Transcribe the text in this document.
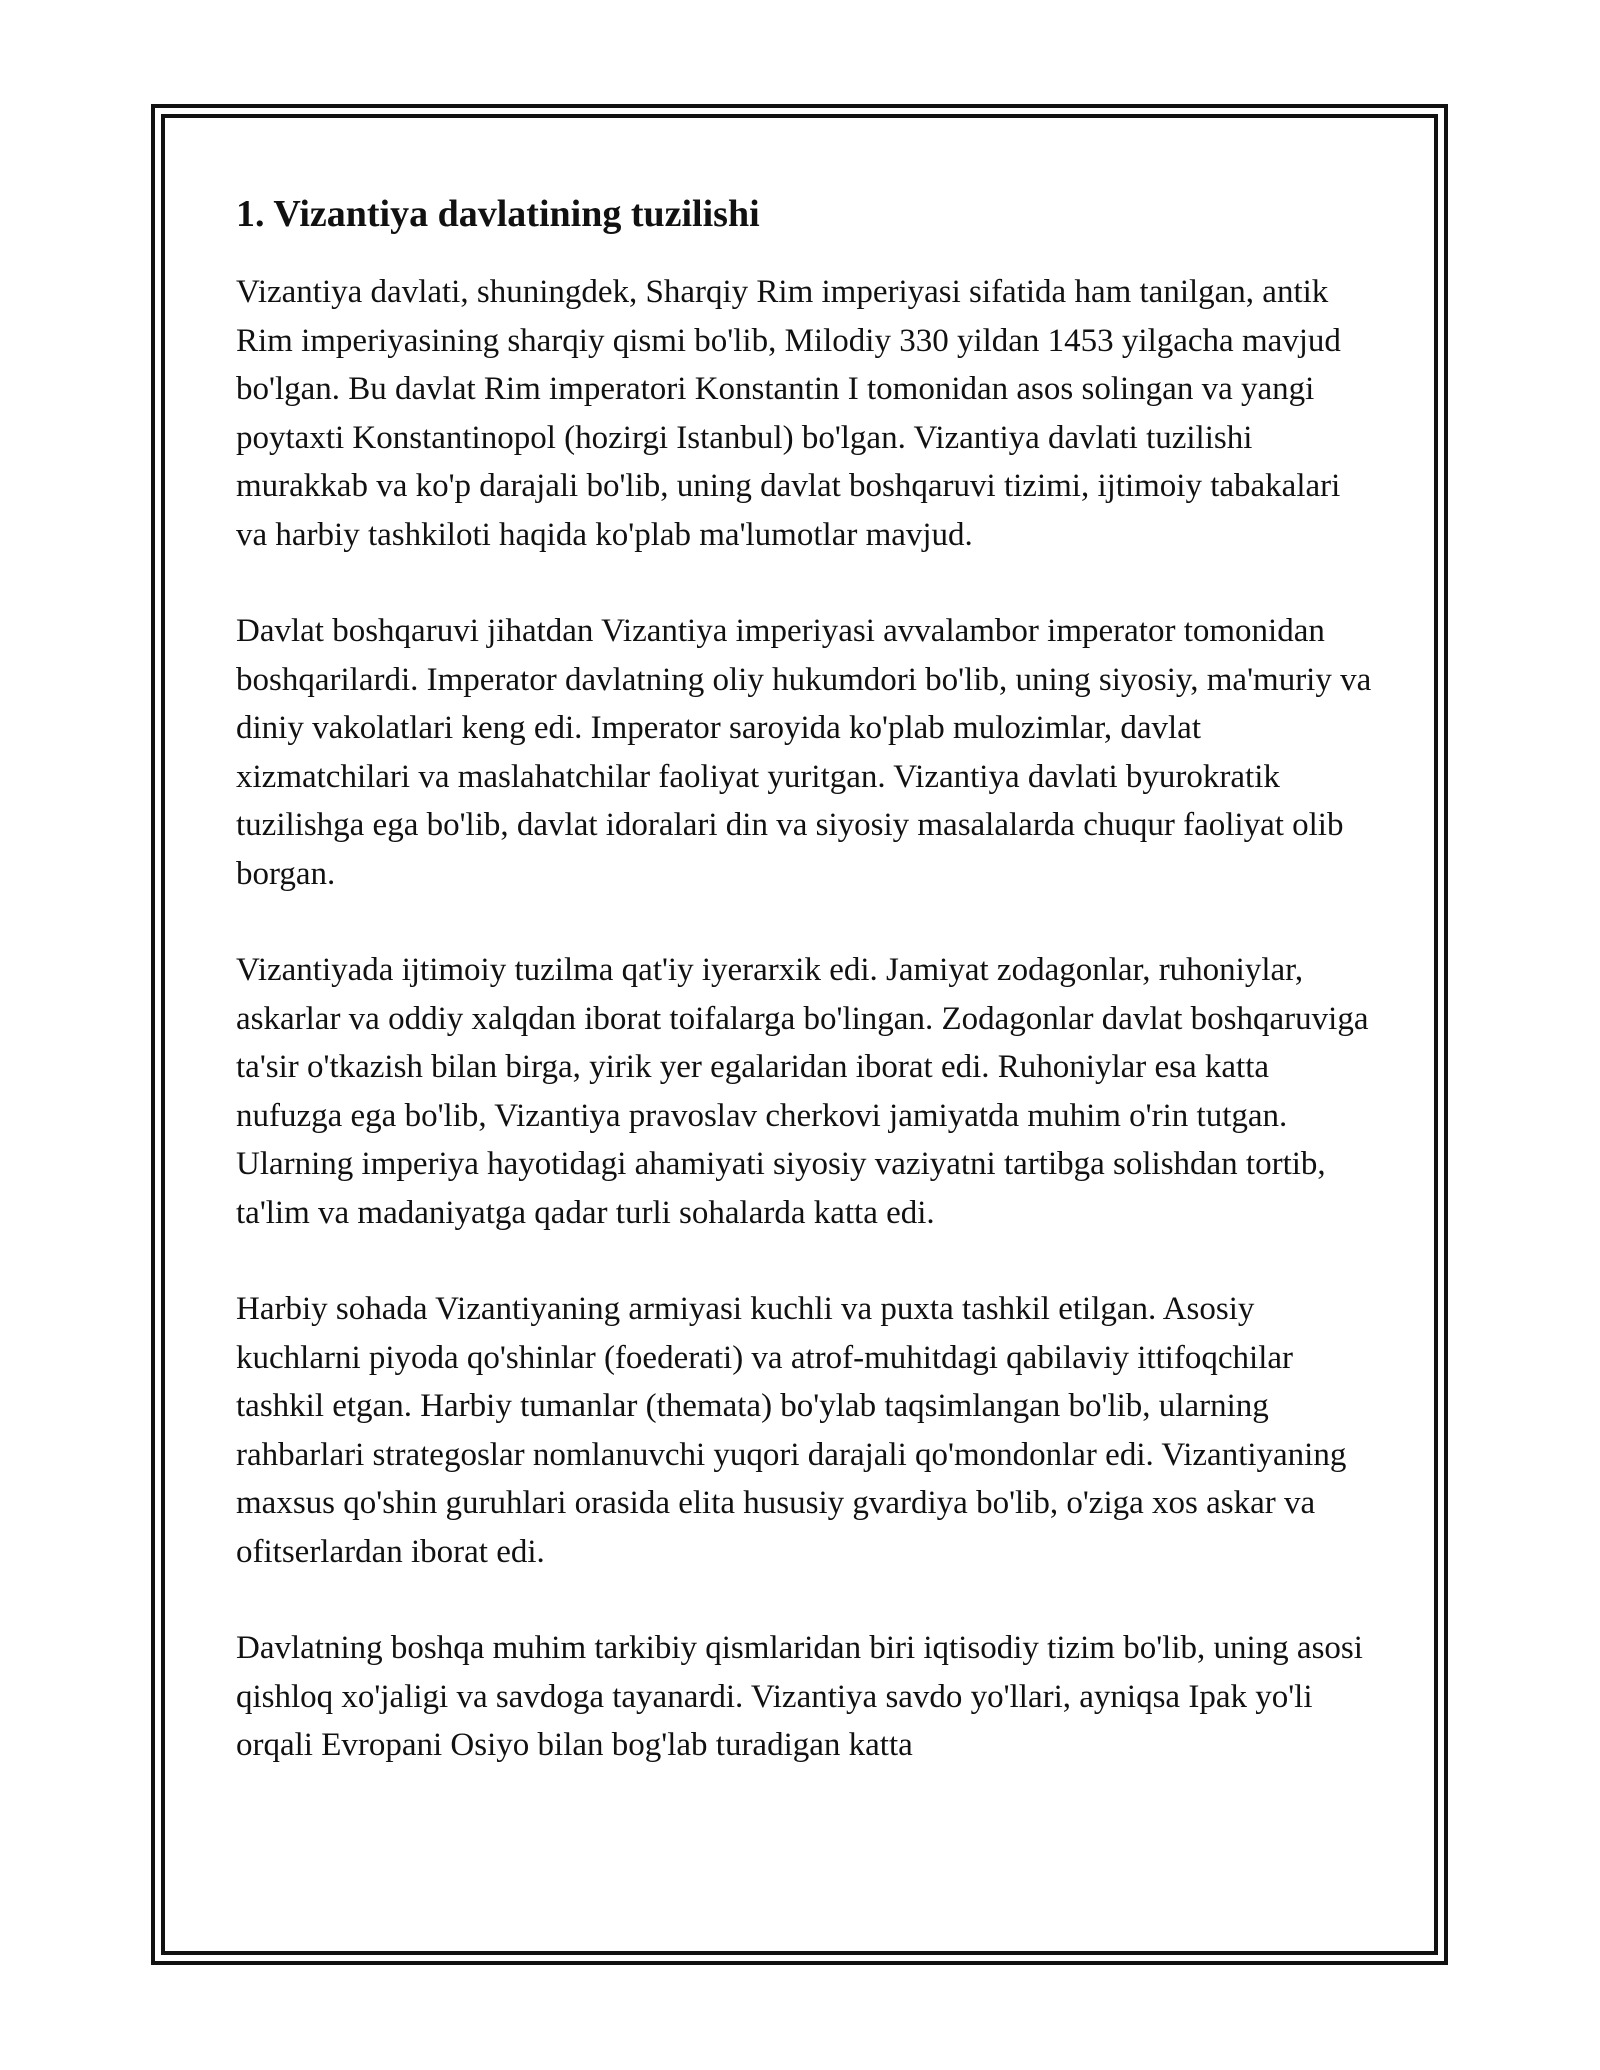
1. Vizantiya davlatining tuzilishi

Vizantiya davlati, shuningdek, Sharqiy Rim imperiyasi sifatida ham tanilgan, antik Rim imperiyasining sharqiy qismi bo'lib, Milodiy 330 yildan 1453 yilgacha mavjud bo'lgan. Bu davlat Rim imperatori Konstantin I tomonidan asos solingan va yangi poytaxti Konstantinopol (hozirgi Istanbul) bo'lgan. Vizantiya davlati tuzilishi murakkab va ko'p darajali bo'lib, uning davlat boshqaruvi tizimi, ijtimoiy tabakalari va harbiy tashkiloti haqida ko'plab ma'lumotlar mavjud.

Davlat boshqaruvi jihatdan Vizantiya imperiyasi avvalambor imperator tomonidan boshqarilardi. Imperator davlatning oliy hukumdori bo'lib, uning siyosiy, ma'muriy va diniy vakolatlari keng edi. Imperator saroyida ko'plab mulozimlar, davlat xizmatchilari va maslahatchilar faoliyat yuritgan. Vizantiya davlati byurokratik tuzilishga ega bo'lib, davlat idoralari din va siyosiy masalalarda chuqur faoliyat olib borgan.

Vizantiyada ijtimoiy tuzilma qat'iy iyerarxik edi. Jamiyat zodagonlar, ruhoniylar, askarlar va oddiy xalqdan iborat toifalarga bo'lingan. Zodagonlar davlat boshqaruviga ta'sir o'tkazish bilan birga, yirik yer egalaridan iborat edi. Ruhoniylar esa katta nufuzga ega bo'lib, Vizantiya pravoslav cherkovi jamiyatda muhim o'rin tutgan. Ularning imperiya hayotidagi ahamiyati siyosiy vaziyatni tartibga solishdan tortib, ta'lim va madaniyatga qadar turli sohalarda katta edi.

Harbiy sohada Vizantiyaning armiyasi kuchli va puxta tashkil etilgan. Asosiy kuchlarni piyoda qo'shinlar (foederati) va atrof-muhitdagi qabilaviy ittifoqchilar tashkil etgan. Harbiy tumanlar (themata) bo'ylab taqsimlangan bo'lib, ularning rahbarlari strategoslar nomlanuvchi yuqori darajali qo'mondonlar edi. Vizantiyaning maxsus qo'shin guruhlari orasida elita hususiy gvardiya bo'lib, o'ziga xos askar va ofitserlardan iborat edi.

Davlatning boshqa muhim tarkibiy qismlaridan biri iqtisodiy tizim bo'lib, uning asosi qishloq xo'jaligi va savdoga tayanardi. Vizantiya savdo yo'llari, ayniqsa Ipak yo'li orqali Evropani Osiyo bilan bog'lab turadigan katta
